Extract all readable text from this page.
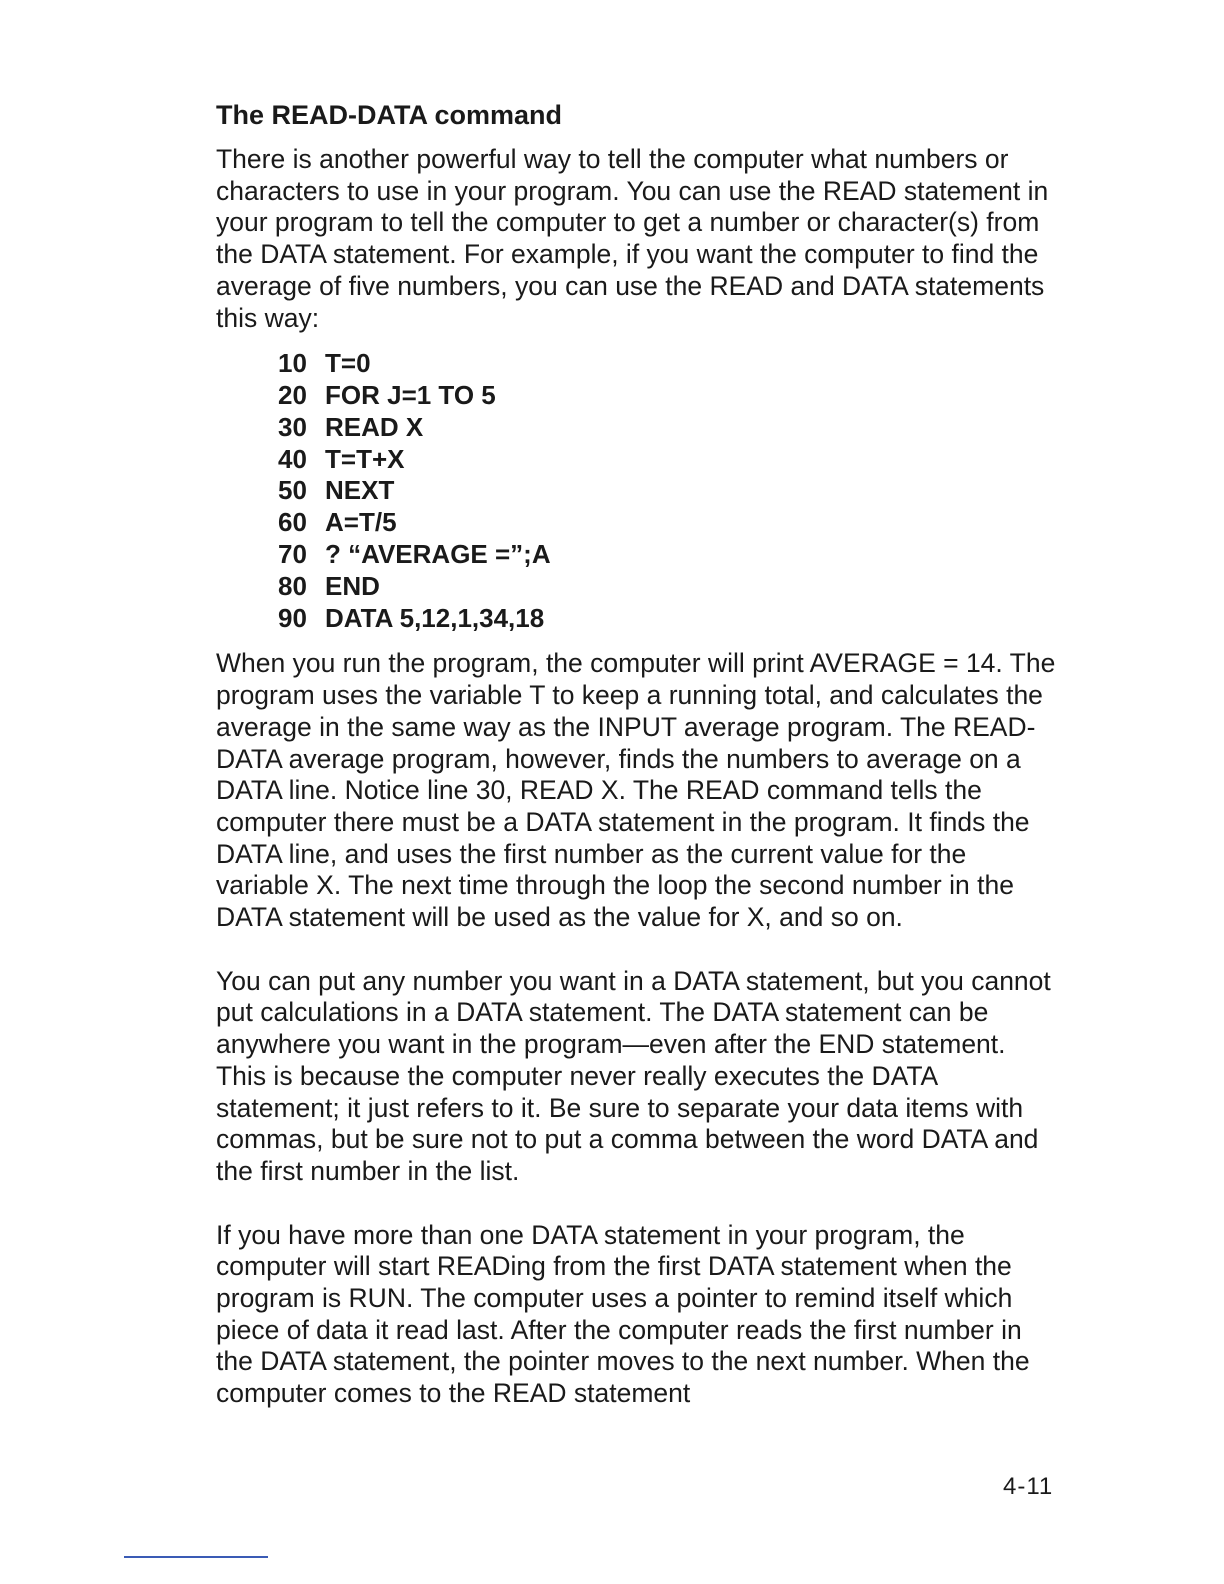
The READ-DATA command

There is another powerful way to tell the computer what numbers or characters to use in your program. You can use the READ statement in your program to tell the computer to get a number or character(s) from the DATA statement. For example, if you want the computer to find the average of five numbers, you can use the READ and DATA statements this way:

10 T=0
20 FOR J=1 TO 5
30 READ X
40 T=T+X
50 NEXT
60 A=T/5
70 ? “AVERAGE =”;A
80 END
90 DATA 5,12,1,34,18

When you run the program, the computer will print AVERAGE = 14. The program uses the variable T to keep a running total, and calculates the average in the same way as the INPUT average program. The READ-DATA average program, however, finds the numbers to average on a DATA line. Notice line 30, READ X. The READ command tells the computer there must be a DATA statement in the program. It finds the DATA line, and uses the first number as the current value for the variable X. The next time through the loop the second number in the DATA statement will be used as the value for X, and so on.

You can put any number you want in a DATA statement, but you cannot put calculations in a DATA statement. The DATA statement can be anywhere you want in the program—even after the END statement. This is because the computer never really executes the DATA statement; it just refers to it. Be sure to separate your data items with commas, but be sure not to put a comma between the word DATA and the first number in the list.

If you have more than one DATA statement in your program, the computer will start READing from the first DATA statement when the program is RUN. The computer uses a pointer to remind itself which piece of data it read last. After the computer reads the first number in the DATA statement, the pointer moves to the next number. When the computer comes to the READ statement

4-11
